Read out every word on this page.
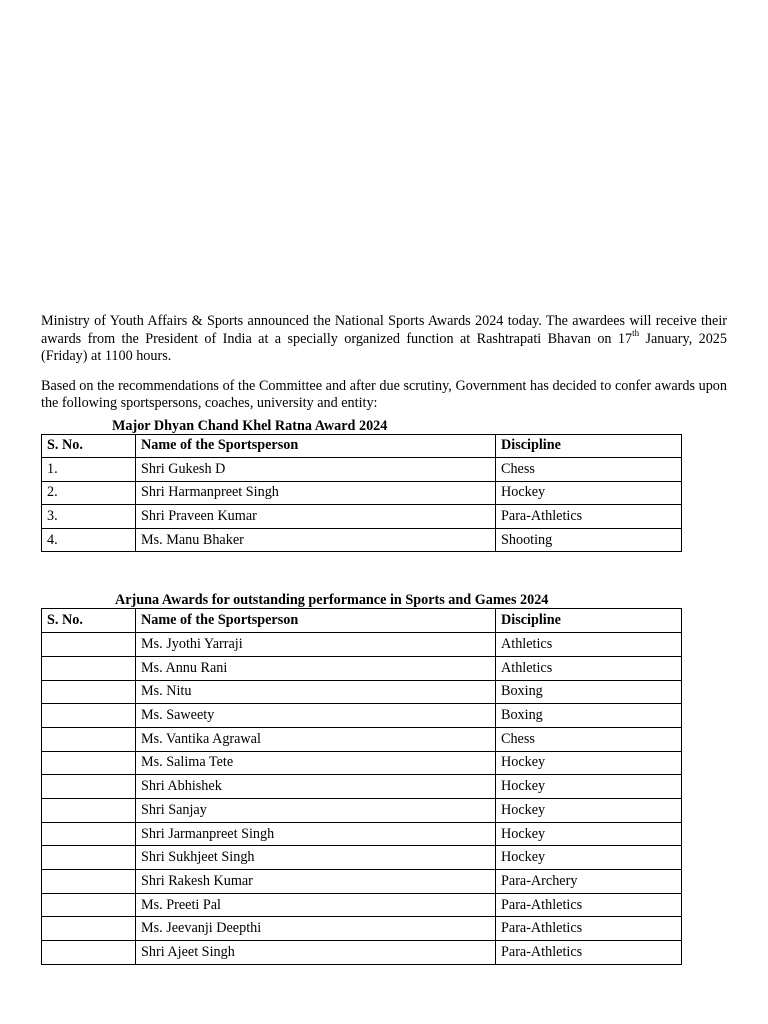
Ministry of Youth Affairs & Sports announced the National Sports Awards 2024 today. The awardees will receive their awards from the President of India at a specially organized function at Rashtrapati Bhavan on 17th January, 2025 (Friday) at 1100 hours.

Based on the recommendations of the Committee and after due scrutiny, Government has decided to confer awards upon the following sportspersons, coaches, university and entity:

Major Dhyan Chand Khel Ratna Award 2024

S. No.	Name of the Sportsperson	Discipline
1.	Shri Gukesh D	Chess
2.	Shri Harmanpreet Singh	Hockey
3.	Shri Praveen Kumar	Para-Athletics
4.	Ms. Manu Bhaker	Shooting

Arjuna Awards for outstanding performance in Sports and Games 2024

S. No.	Name of the Sportsperson	Discipline
	Ms. Jyothi Yarraji	Athletics
	Ms. Annu Rani	Athletics
	Ms. Nitu	Boxing
	Ms. Saweety	Boxing
	Ms. Vantika Agrawal	Chess
	Ms. Salima Tete	Hockey
	Shri Abhishek	Hockey
	Shri Sanjay	Hockey
	Shri Jarmanpreet Singh	Hockey
	Shri Sukhjeet Singh	Hockey
	Shri Rakesh Kumar	Para-Archery
	Ms. Preeti Pal	Para-Athletics
	Ms. Jeevanji Deepthi	Para-Athletics
	Shri Ajeet Singh	Para-Athletics
